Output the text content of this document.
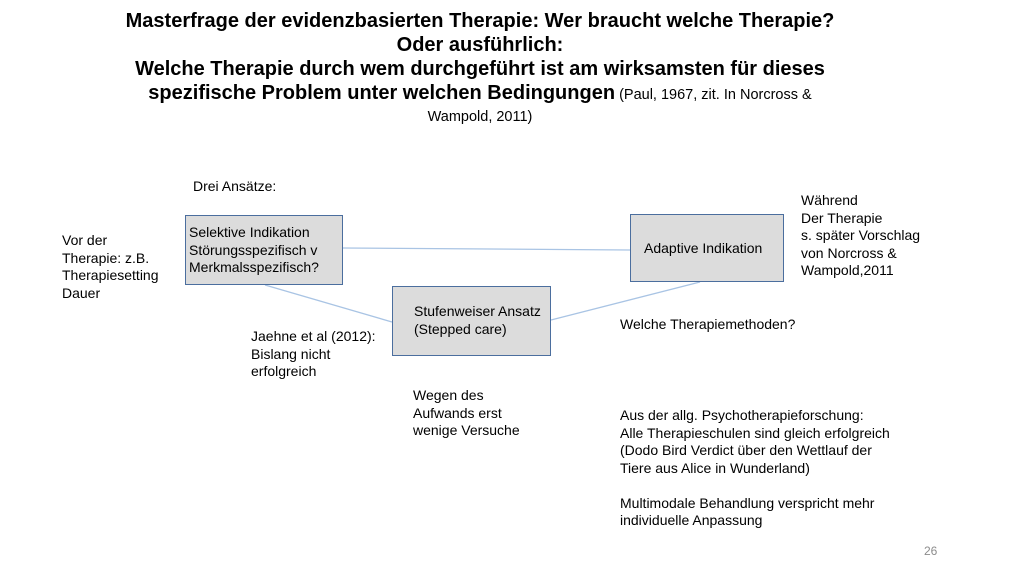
Masterfrage der evidenzbasierten Therapie: Wer braucht welche Therapie?
Oder ausführlich:
Welche Therapie durch wem durchgeführt ist am wirksamsten für dieses
spezifische Problem unter welchen Bedingungen (Paul, 1967, zit. In Norcross &
Wampold, 2011)
Drei Ansätze:
Vor der
Therapie: z.B.
Therapiesetting
Dauer
Selektive Indikation
Störungsspezifisch v
Merkmalsspezifisch?
Adaptive Indikation
Stufenweiser Ansatz
(Stepped care)
Während
Der Therapie
s. später Vorschlag
von Norcross &
Wampold,2011
Jaehne et al (2012):
Bislang nicht
erfolgreich
Wegen des
Aufwands erst
wenige Versuche
Welche Therapiemethoden?
Aus der allg. Psychotherapieforschung:
Alle Therapieschulen sind gleich erfolgreich
(Dodo Bird Verdict über den Wettlauf der
Tiere aus Alice in Wunderland)

Multimodale Behandlung verspricht mehr
individuelle Anpassung
26
